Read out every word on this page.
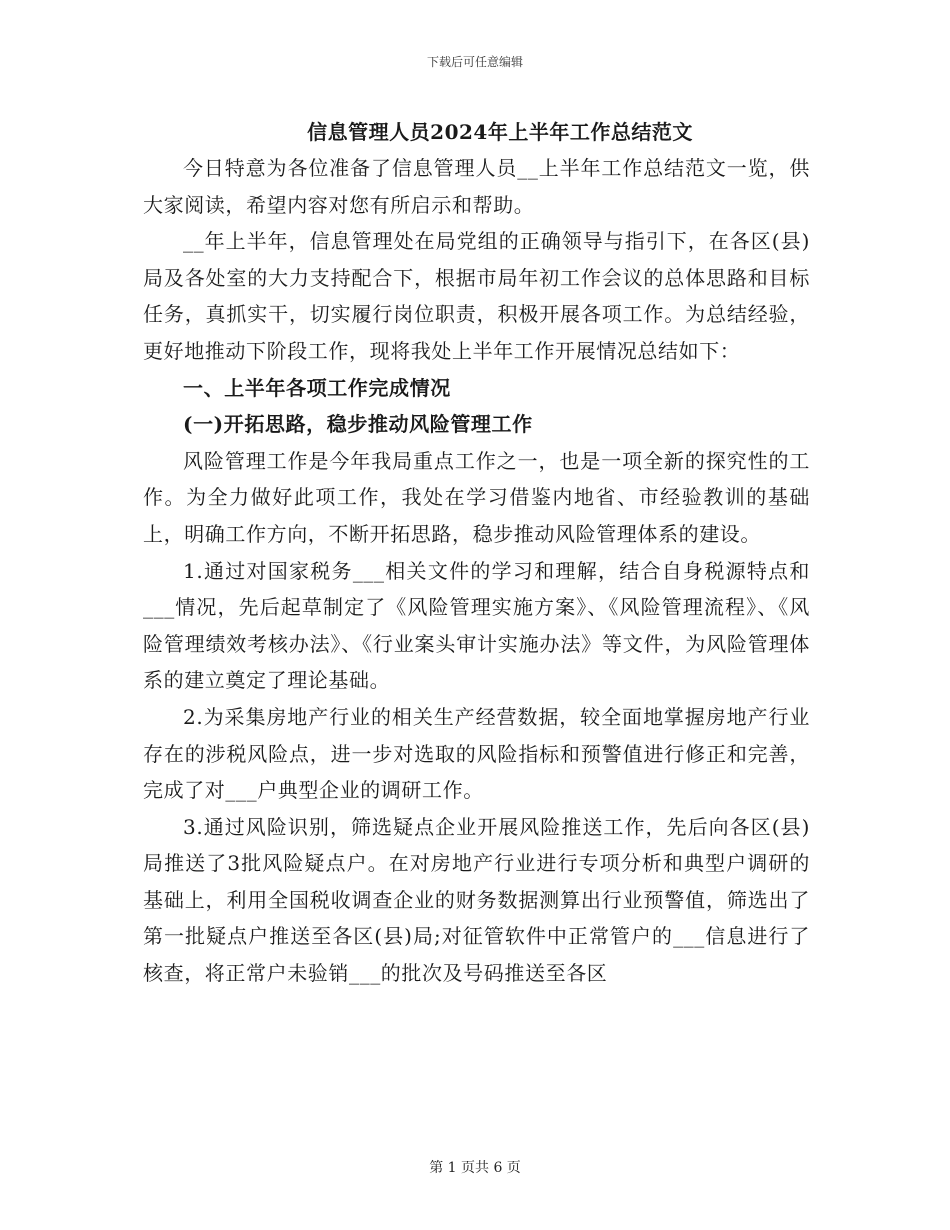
下载后可任意编辑
信息管理人员2024年上半年工作总结范文

今日特意为各位准备了信息管理人员__上半年工作总结范文一览，供大家阅读，希望内容对您有所启示和帮助。

__年上半年，信息管理处在局党组的正确领导与指引下，在各区(县)局及各处室的大力支持配合下，根据市局年初工作会议的总体思路和目标任务，真抓实干，切实履行岗位职责，积极开展各项工作。为总结经验，更好地推动下阶段工作，现将我处上半年工作开展情况总结如下：

一、上半年各项工作完成情况

(一)开拓思路，稳步推动风险管理工作

风险管理工作是今年我局重点工作之一，也是一项全新的探究性的工作。为全力做好此项工作，我处在学习借鉴内地省、市经验教训的基础上，明确工作方向，不断开拓思路，稳步推动风险管理体系的建设。

1.通过对国家税务___相关文件的学习和理解，结合自身税源特点和___情况，先后起草制定了《风险管理实施方案》、《风险管理流程》、《风险管理绩效考核办法》、《行业案头审计实施办法》等文件，为风险管理体系的建立奠定了理论基础。

2.为采集房地产行业的相关生产经营数据，较全面地掌握房地产行业存在的涉税风险点，进一步对选取的风险指标和预警值进行修正和完善，完成了对___户典型企业的调研工作。

3.通过风险识别，筛选疑点企业开展风险推送工作，先后向各区(县)局推送了3批风险疑点户。在对房地产行业进行专项分析和典型户调研的基础上，利用全国税收调查企业的财务数据测算出行业预警值，筛选出了第一批疑点户推送至各区(县)局;对征管软件中正常管户的___信息进行了核查，将正常户未验销___的批次及号码推送至各区

第 1 页共 6 页
